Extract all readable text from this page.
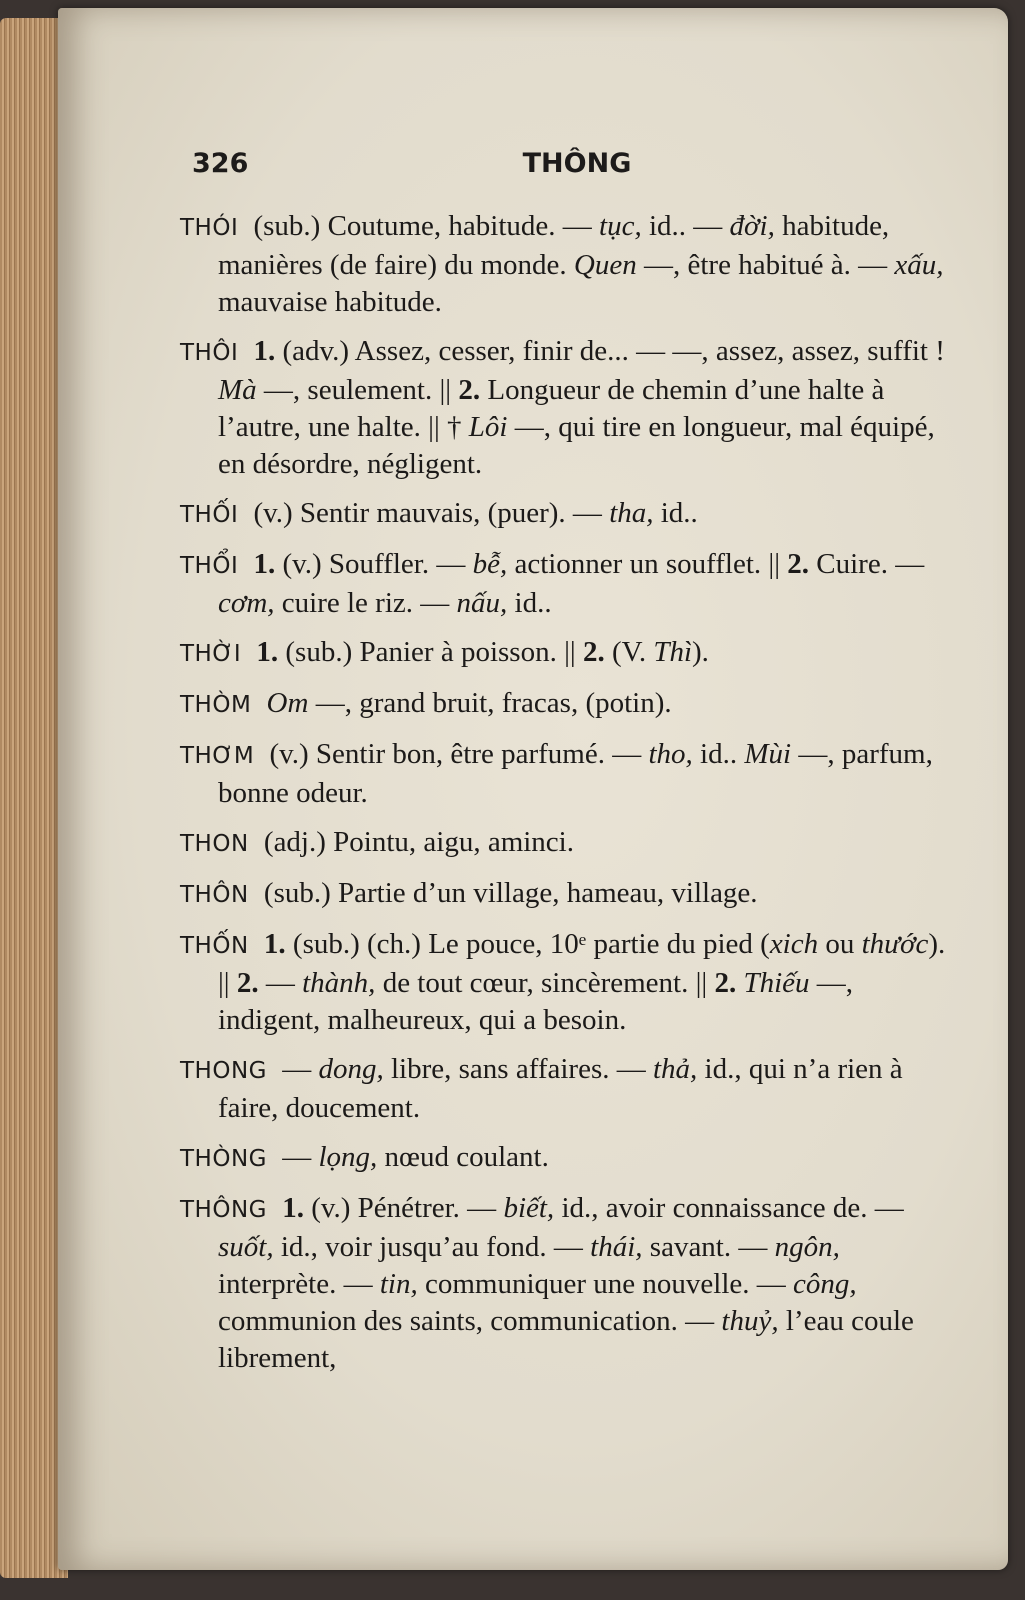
326	THÔNG

THÓI (sub.) Coutume, habitude. — tục, id.. — đời, habitude, manières (de faire) du monde. Quen —, être habitué à. — xấu, mauvaise habitude.

THÔI 1. (adv.) Assez, cesser, finir de... — —, assez, assez, suffit ! Mà —, seulement. || 2. Longueur de chemin d’une halte à l’autre, une halte. || † Lôi —, qui tire en longueur, mal équipé, en désordre, négligent.

THỐI (v.) Sentir mauvais, (puer). — tha, id..

THỔI 1. (v.) Souffler. — bễ, actionner un soufflet. || 2. Cuire. — cơm, cuire le riz. — nấu, id..

THỜI 1. (sub.) Panier à poisson. || 2. (V. Thì).

THÒM Om —, grand bruit, fracas, (potin).

THƠM (v.) Sentir bon, être parfumé. — tho, id.. Mùi —, parfum, bonne odeur.

THON (adj.) Pointu, aigu, aminci.

THÔN (sub.) Partie d’un village, hameau, village.

THỐN 1. (sub.) (ch.) Le pouce, 10ᵉ partie du pied (xich ou thước). || 2. — thành, de tout cœur, sincèrement. || 2. Thiếu —, indigent, malheureux, qui a besoin.

THONG — dong, libre, sans affaires. — thả, id., qui n’a rien à faire, doucement.

THÒNG — lọng, nœud coulant.

THÔNG 1. (v.) Pénétrer. — biết, id., avoir connaissance de. — suốt, id., voir jusqu’au fond. — thái, savant. — ngôn, interprète. — tin, communiquer une nouvelle. — công, communion des saints, communication. — thuỷ, l’eau coule librement,
